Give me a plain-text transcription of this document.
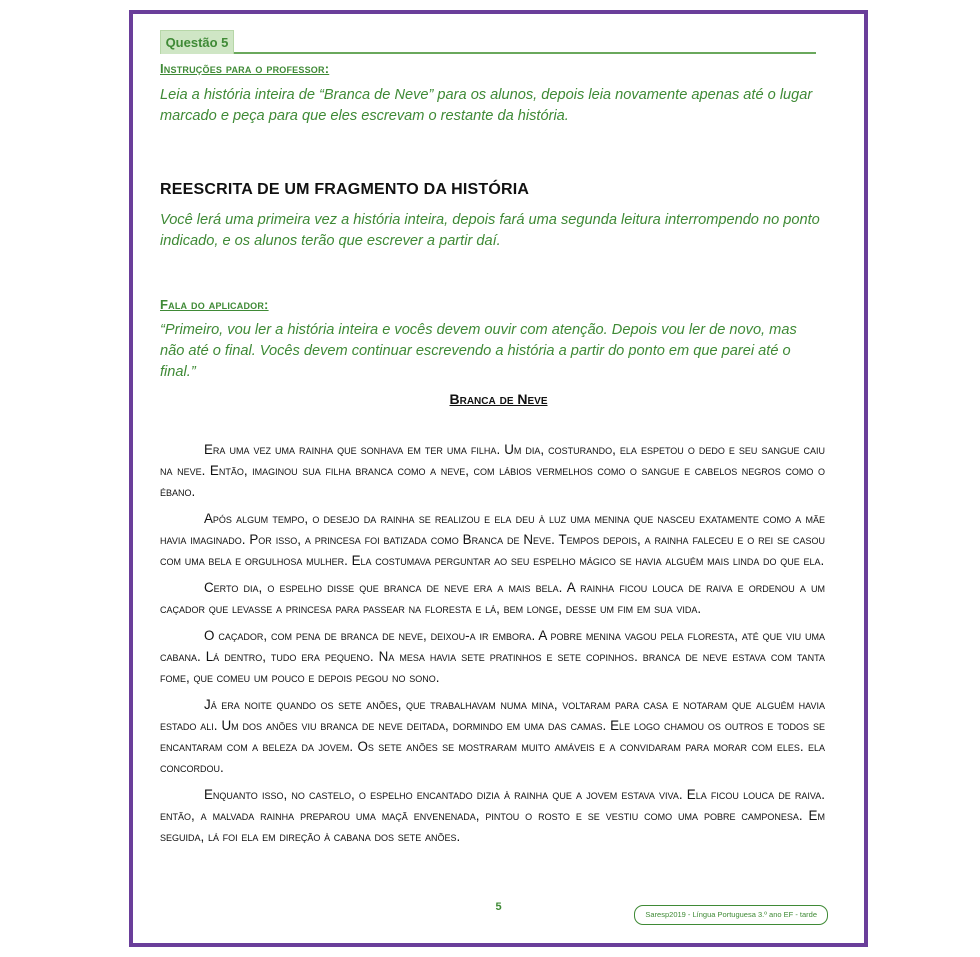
Questão 5
Instruções para o professor:
Leia a história inteira de “Branca de Neve” para os alunos, depois leia novamente apenas até o lugar marcado e peça para que eles escrevam o restante da história.
REESCRITA DE UM FRAGMENTO DA HISTÓRIA
Você lerá uma primeira vez a história inteira, depois fará uma segunda leitura interrompendo no ponto indicado, e os alunos terão que escrever a partir daí.
Fala do aplicador:
“Primeiro, vou ler a história inteira e vocês devem ouvir com atenção. Depois vou ler de novo, mas não até o final. Vocês devem continuar escrevendo a história a partir do ponto em que parei até o final.”
Branca de Neve

Era uma vez uma rainha que sonhava em ter uma filha. Um dia, costurando, ela espetou o dedo e seu sangue caiu na neve. Então, imaginou sua filha branca como a neve, com lábios vermelhos como o sangue e cabelos negros como o ébano.

Após algum tempo, o desejo da rainha se realizou e ela deu à luz uma menina que nasceu exatamente como a mãe havia imaginado. Por isso, a princesa foi batizada como Branca de Neve. Tempos depois, a rainha faleceu e o rei se casou com uma bela e orgulhosa mulher. Ela costumava perguntar ao seu espelho mágico se havia alguém mais linda do que ela.

Certo dia, o espelho disse que branca de neve era a mais bela. A rainha ficou louca de raiva e ordenou a um caçador que levasse a princesa para passear na floresta e lá, bem longe, desse um fim em sua vida.

O caçador, com pena de branca de neve, deixou-a ir embora. A pobre menina vagou pela floresta, até que viu uma cabana. Lá dentro, tudo era pequeno. Na mesa havia sete pratinhos e sete copinhos. branca de neve estava com tanta fome, que comeu um pouco e depois pegou no sono.

Já era noite quando os sete anões, que trabalhavam numa mina, voltaram para casa e notaram que alguém havia estado ali. Um dos anões viu branca de neve deitada, dormindo em uma das camas. Ele logo chamou os outros e todos se encantaram com a beleza da jovem. Os sete anões se mostraram muito amáveis e a convidaram para morar com eles. ela concordou.

Enquanto isso, no castelo, o espelho encantado dizia à rainha que a jovem estava viva. Ela ficou louca de raiva. então, a malvada rainha preparou uma maçã envenenada, pintou o rosto e se vestiu como uma pobre camponesa. Em seguida, lá foi ela em direção à cabana dos sete anões.

5
Saresp2019 - Língua Portuguesa 3.º ano EF - tarde
